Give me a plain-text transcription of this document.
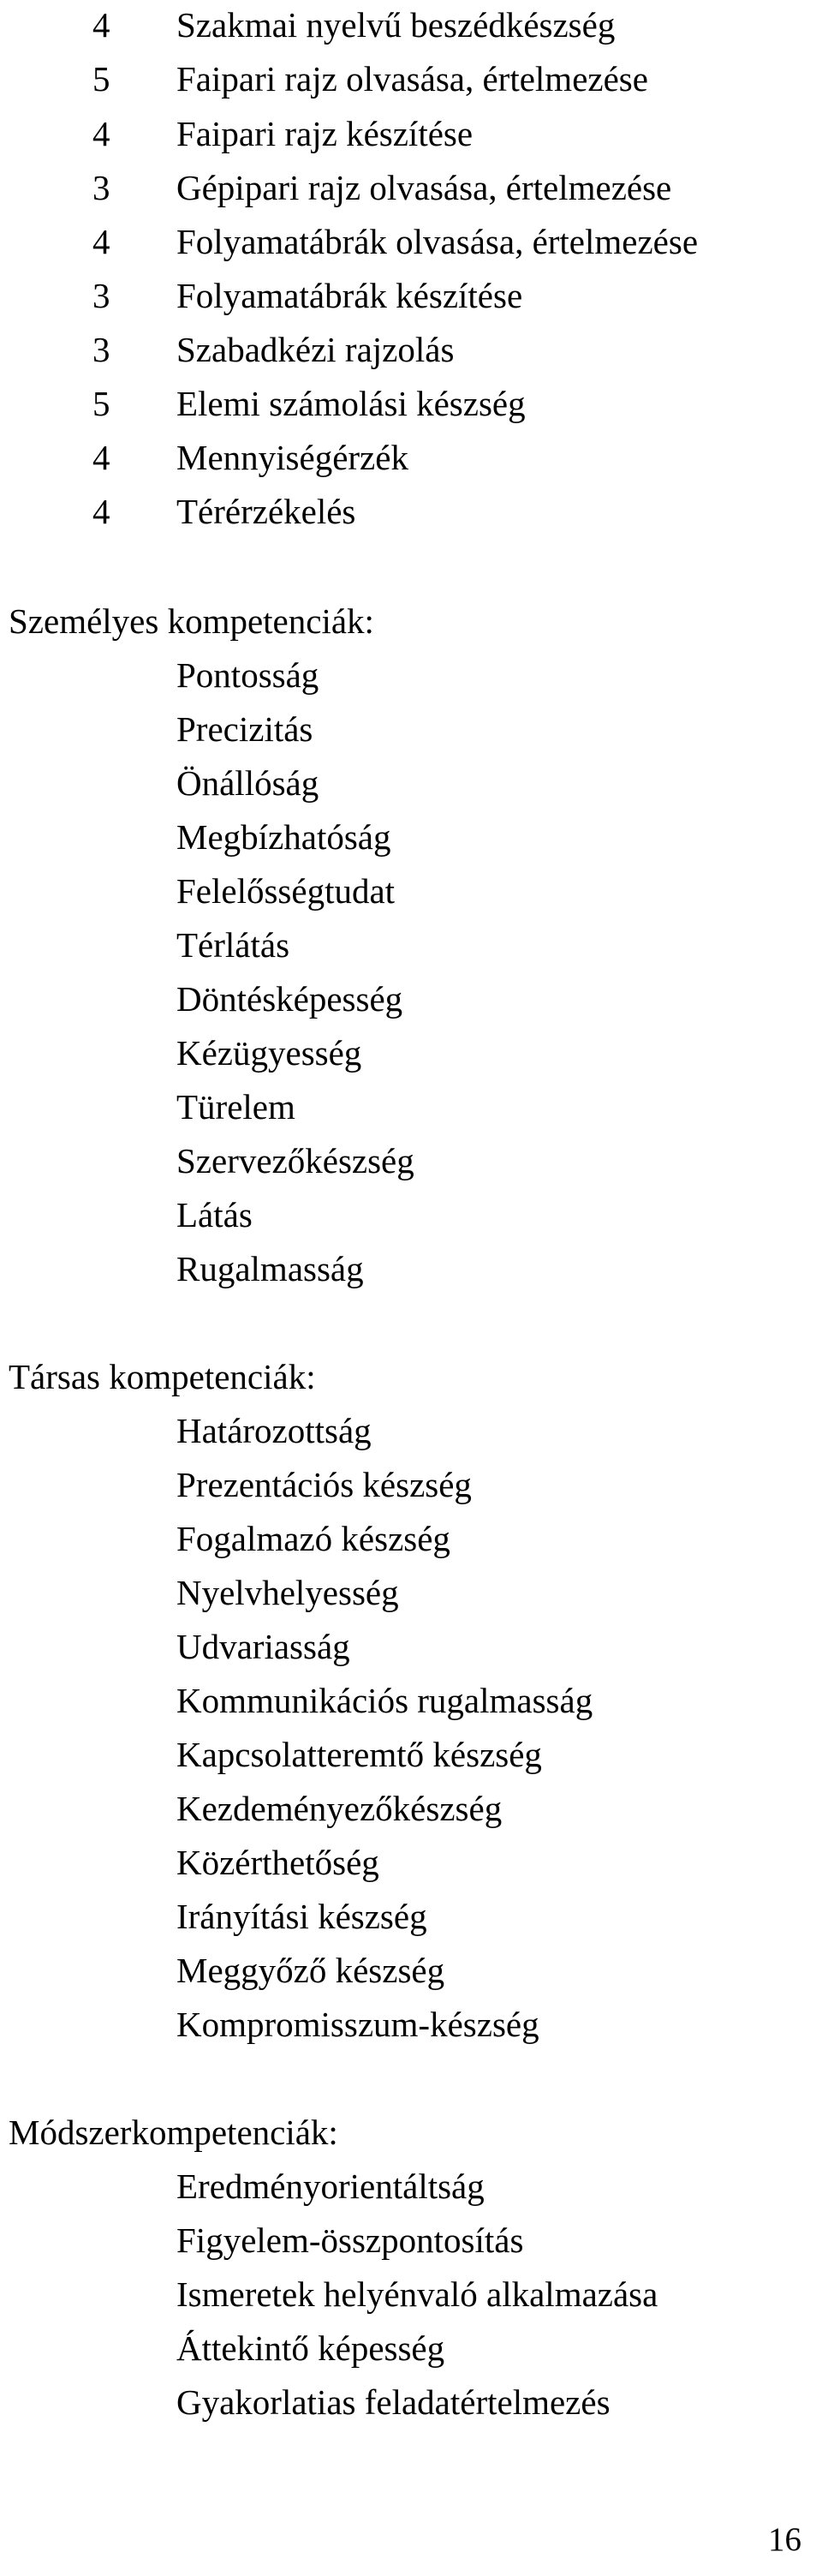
4 Szakmai nyelvű beszédkészség
5 Faipari rajz olvasása, értelmezése
4 Faipari rajz készítése
3 Gépipari rajz olvasása, értelmezése
4 Folyamatábrák olvasása, értelmezése
3 Folyamatábrák készítése
3 Szabadkézi rajzolás
5 Elemi számolási készség
4 Mennyiségérzék
4 Térérzékelés
Személyes kompetenciák:
Pontosság
Precizitás
Önállóság
Megbízhatóság
Felelősségtudat
Térlátás
Döntésképesség
Kézügyesség
Türelem
Szervezőkészség
Látás
Rugalmasság
Társas kompetenciák:
Határozottság
Prezentációs készség
Fogalmazó készség
Nyelvhelyesség
Udvariasság
Kommunikációs rugalmasság
Kapcsolatteremtő készség
Kezdeményezőkészség
Közérthetőség
Irányítási készség
Meggyőző készség
Kompromisszum-készség
Módszerkompetenciák:
Eredményorientáltság
Figyelem-összpontosítás
Ismeretek helyénvaló alkalmazása
Áttekintő képesség
Gyakorlatias feladatértelmezés
16
